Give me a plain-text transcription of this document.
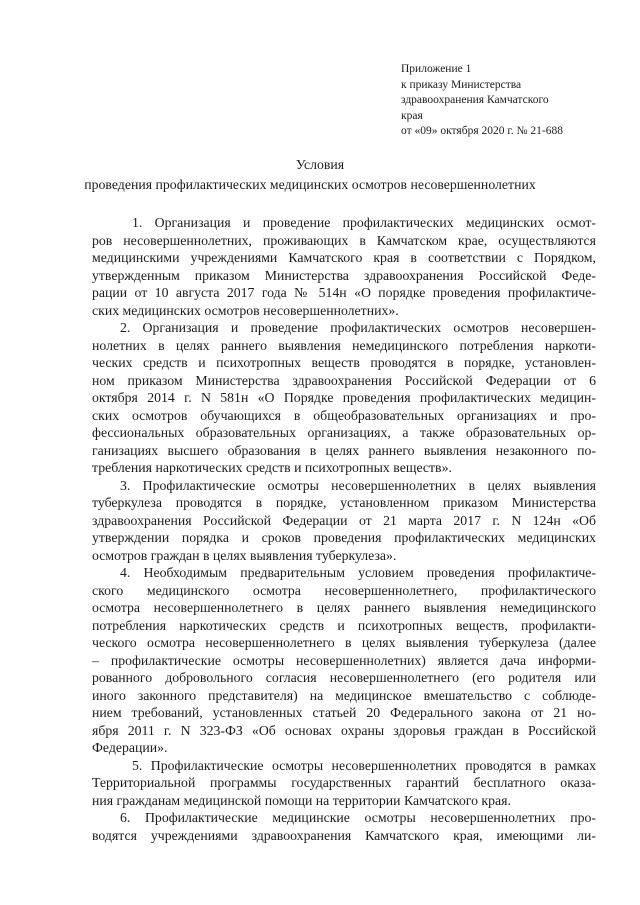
Приложение 1
к приказу Министерства
здравоохранения Камчатского
края
от «09» октября 2020 г. № 21-688
Условия
проведения профилактических медицинских осмотров несовершеннолетних
1. Организация и проведение профилактических медицинских осмот-
ров несовершеннолетних, проживающих в Камчатском крае, осуществляются
медицинскими учреждениями Камчатского края в соответствии с Порядком,
утвержденным приказом Министерства здравоохранения Российской Феде-
рации от 10 августа 2017 года № 514н «О порядке проведения профилактиче-
ских медицинских осмотров несовершеннолетних».
2. Организация и проведение профилактических осмотров несовершен-
нолетних в целях раннего выявления немедицинского потребления наркоти-
ческих средств и психотропных веществ проводятся в порядке, установлен-
ном приказом Министерства здравоохранения Российской Федерации от 6
октября 2014 г. N 581н «О Порядке проведения профилактических медицин-
ских осмотров обучающихся в общеобразовательных организациях и про-
фессиональных образовательных организациях, а также образовательных ор-
ганизациях высшего образования в целях раннего выявления незаконного по-
требления наркотических средств и психотропных веществ».
3. Профилактические осмотры несовершеннолетних в целях выявления
туберкулеза проводятся в порядке, установленном приказом Министерства
здравоохранения Российской Федерации от 21 марта 2017 г. N 124н «Об
утверждении порядка и сроков проведения профилактических медицинских
осмотров граждан в целях выявления туберкулеза».
4. Необходимым предварительным условием проведения профилактиче-
ского медицинского осмотра несовершеннолетнего, профилактического
осмотра несовершеннолетнего в целях раннего выявления немедицинского
потребления наркотических средств и психотропных веществ, профилакти-
ческого осмотра несовершеннолетнего в целях выявления туберкулеза (далее
– профилактические осмотры несовершеннолетних) является дача информи-
рованного добровольного согласия несовершеннолетнего (его родителя или
иного законного представителя) на медицинское вмешательство с соблюде-
нием требований, установленных статьей 20 Федерального закона от 21 но-
ября 2011 г. N 323-ФЗ «Об основах охраны здоровья граждан в Российской
Федерации».
5. Профилактические осмотры несовершеннолетних проводятся в рамках
Территориальной программы государственных гарантий бесплатного оказа-
ния гражданам медицинской помощи на территории Камчатского края.
6. Профилактические медицинские осмотры несовершеннолетних про-
водятся учреждениями здравоохранения Камчатского края, имеющими ли-
